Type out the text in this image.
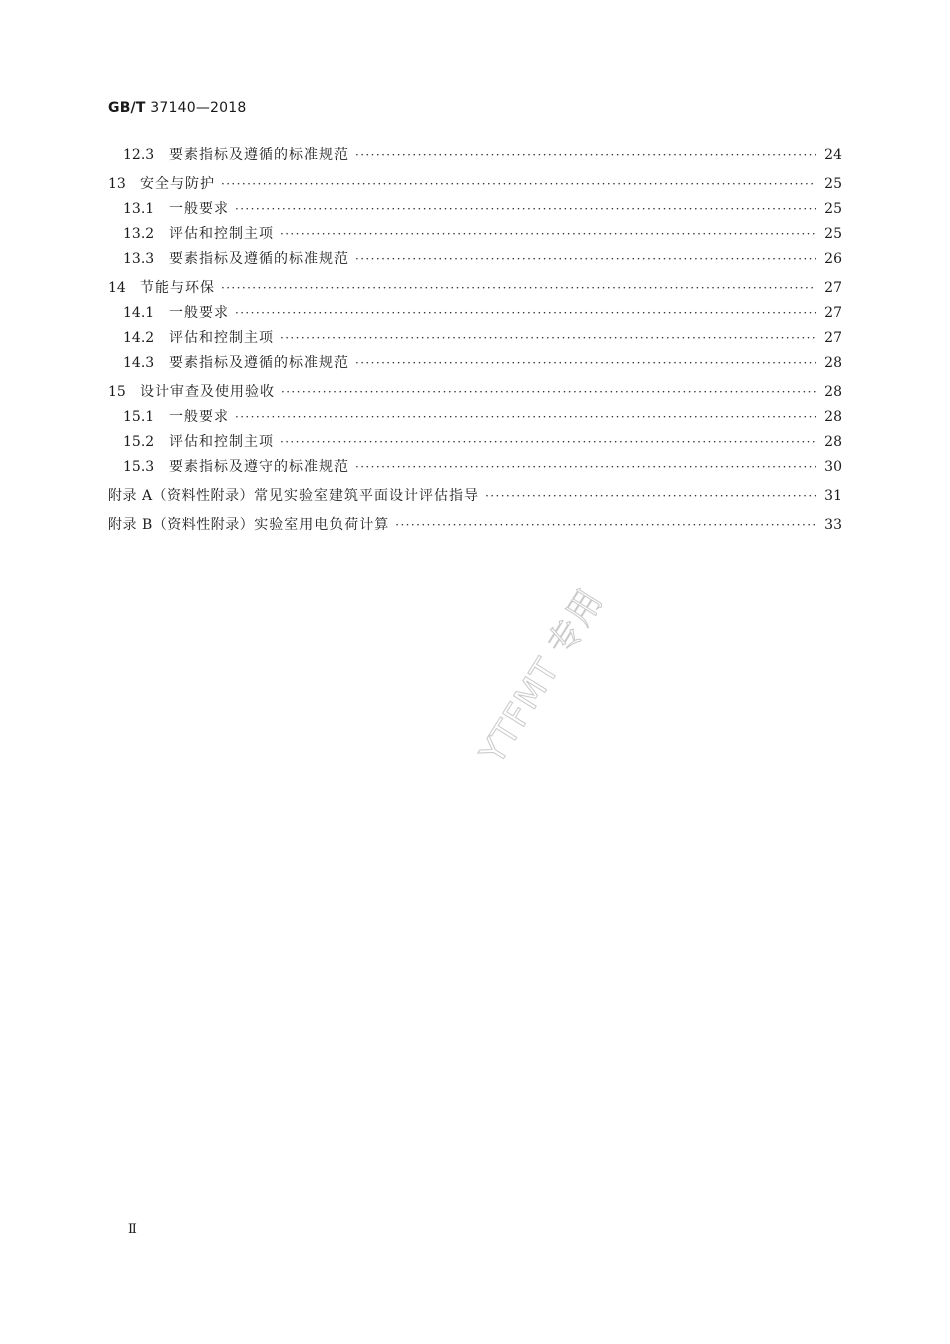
GB/T 37140—2018
12.3 要素指标及遵循的标准规范 ·····	24
13 安全与防护 ·····	25
13.1 一般要求 ·····	25
13.2 评估和控制主项 ·····	25
13.3 要素指标及遵循的标准规范 ·····	26
14 节能与环保 ·····	27
14.1 一般要求 ·····	27
14.2 评估和控制主项 ·····	27
14.3 要素指标及遵循的标准规范 ·····	28
15 设计审查及使用验收 ·····	28
15.1 一般要求 ·····	28
15.2 评估和控制主项 ·····	28
15.3 要素指标及遵守的标准规范 ·····	30
附录 A（资料性附录） 常见实验室建筑平面设计评估指导 ·····	31
附录 B（资料性附录） 实验室用电负荷计算 ·····	33
YTFMT 专用
Ⅱ
